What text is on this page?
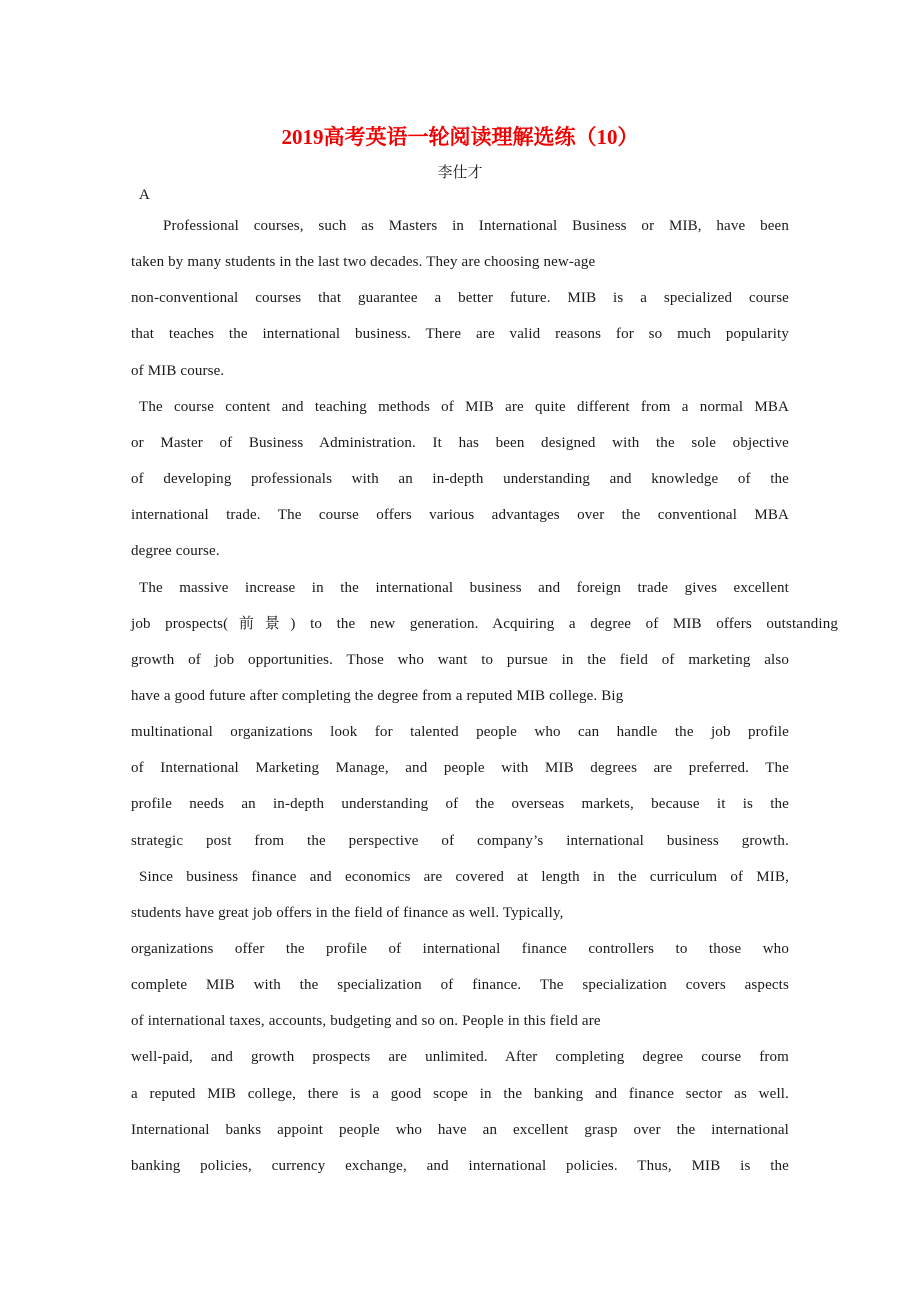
2019高考英语一轮阅读理解选练（10）
李仕才
A
Professional courses, such as Masters in International Business or MIB, have been
taken by many students in the last two decades. They are choosing new-age
non-conventional courses that guarantee a better future. MIB is a specialized course
that teaches the international business. There are valid reasons for so much popularity
of MIB course.
The course content and teaching methods of MIB are quite different from a normal MBA
or Master of Business Administration. It has been designed with the sole objective
of developing professionals with an in-depth understanding and knowledge of the
international trade. The course offers various advantages over the conventional MBA
degree course.
The massive increase in the international business and foreign trade gives excellent
job prospects(前景) to the new generation. Acquiring a degree of MIB offers outstanding
growth of job opportunities. Those who want to pursue in the field of marketing also
have a good future after completing the degree from a reputed MIB college. Big
multinational organizations look for talented people who can handle the job profile
of International Marketing Manage, and people with MIB degrees are preferred. The
profile needs an in-depth understanding of the overseas markets, because it is the
strategic post from the perspective of company’s international business growth.
Since business finance and economics are covered at length in the curriculum of MIB,
students have great job offers in the field of finance as well. Typically,
organizations offer the profile of international finance controllers to those who
complete MIB with the specialization of finance. The specialization covers aspects
of international taxes, accounts, budgeting and so on. People in this field are
well-paid, and growth prospects are unlimited. After completing degree course from
a reputed MIB college, there is a good scope in the banking and finance sector as well.
International banks appoint people who have an excellent grasp over the international
banking policies, currency exchange, and international policies. Thus, MIB is the
